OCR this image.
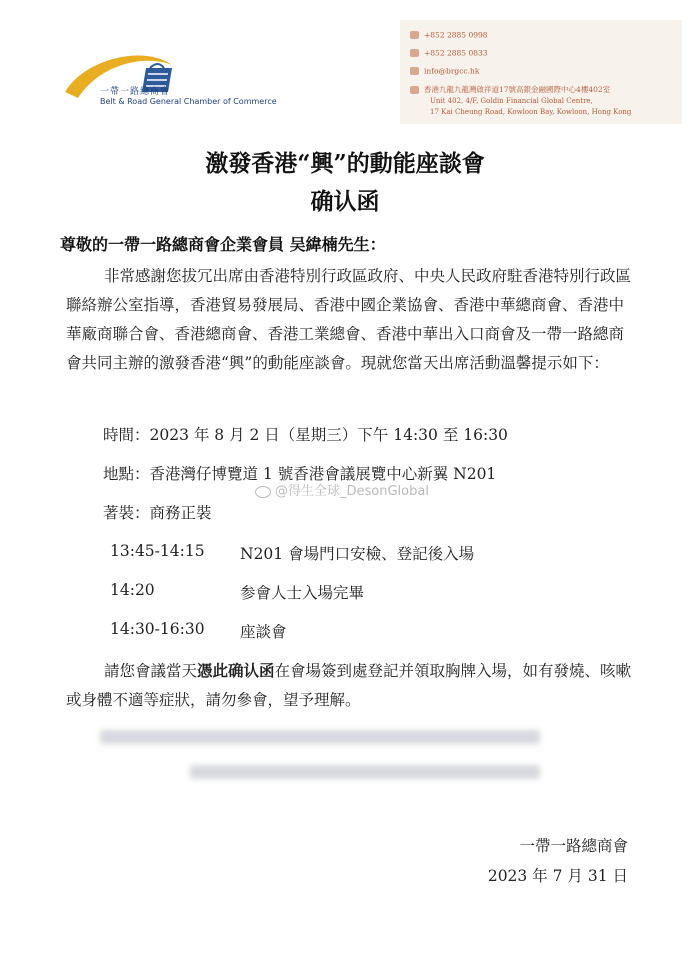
一帶一路總商會
Belt & Road General Chamber of Commerce
+852 2885 0998
+852 2885 0833
info@brgcc.hk
香港九龍九龍灣啟祥道17號高銀金融國際中心4樓402室
Unit 402, 4/F, Goldin Financial Global Centre,
17 Kai Cheung Road, Kowloon Bay, Kowloon, Hong Kong
激發香港“興”的動能座談會
确认函
尊敬的一帶一路總商會企業會員 吴緯楠先生：
非常感謝您拔冗出席由香港特別行政區政府、中央人民政府駐香港特別行政區聯絡辦公室指導，香港貿易發展局、香港中國企業協會、香港中華總商會、香港中華廠商聯合會、香港總商會、香港工業總會、香港中華出入口商會及一帶一路總商會共同主辦的激發香港“興”的動能座談會。現就您當天出席活動溫馨提示如下：
時間：2023 年 8 月 2 日（星期三）下午 14:30 至 16:30
地點：香港灣仔博覽道 1 號香港會議展覽中心新翼 N201
著裝：商務正裝
@得生全球_DesonGlobal
13:45-14:15 N201 會場門口安檢、登記後入場
14:20	参會人士入場完畢
14:30-16:30 座談會
請您會議當天憑此确认函在會場簽到處登記并領取胸牌入場，如有發燒、咳嗽或身體不適等症狀，請勿參會，望予理解。
一帶一路總商會
2023 年 7 月 31 日
